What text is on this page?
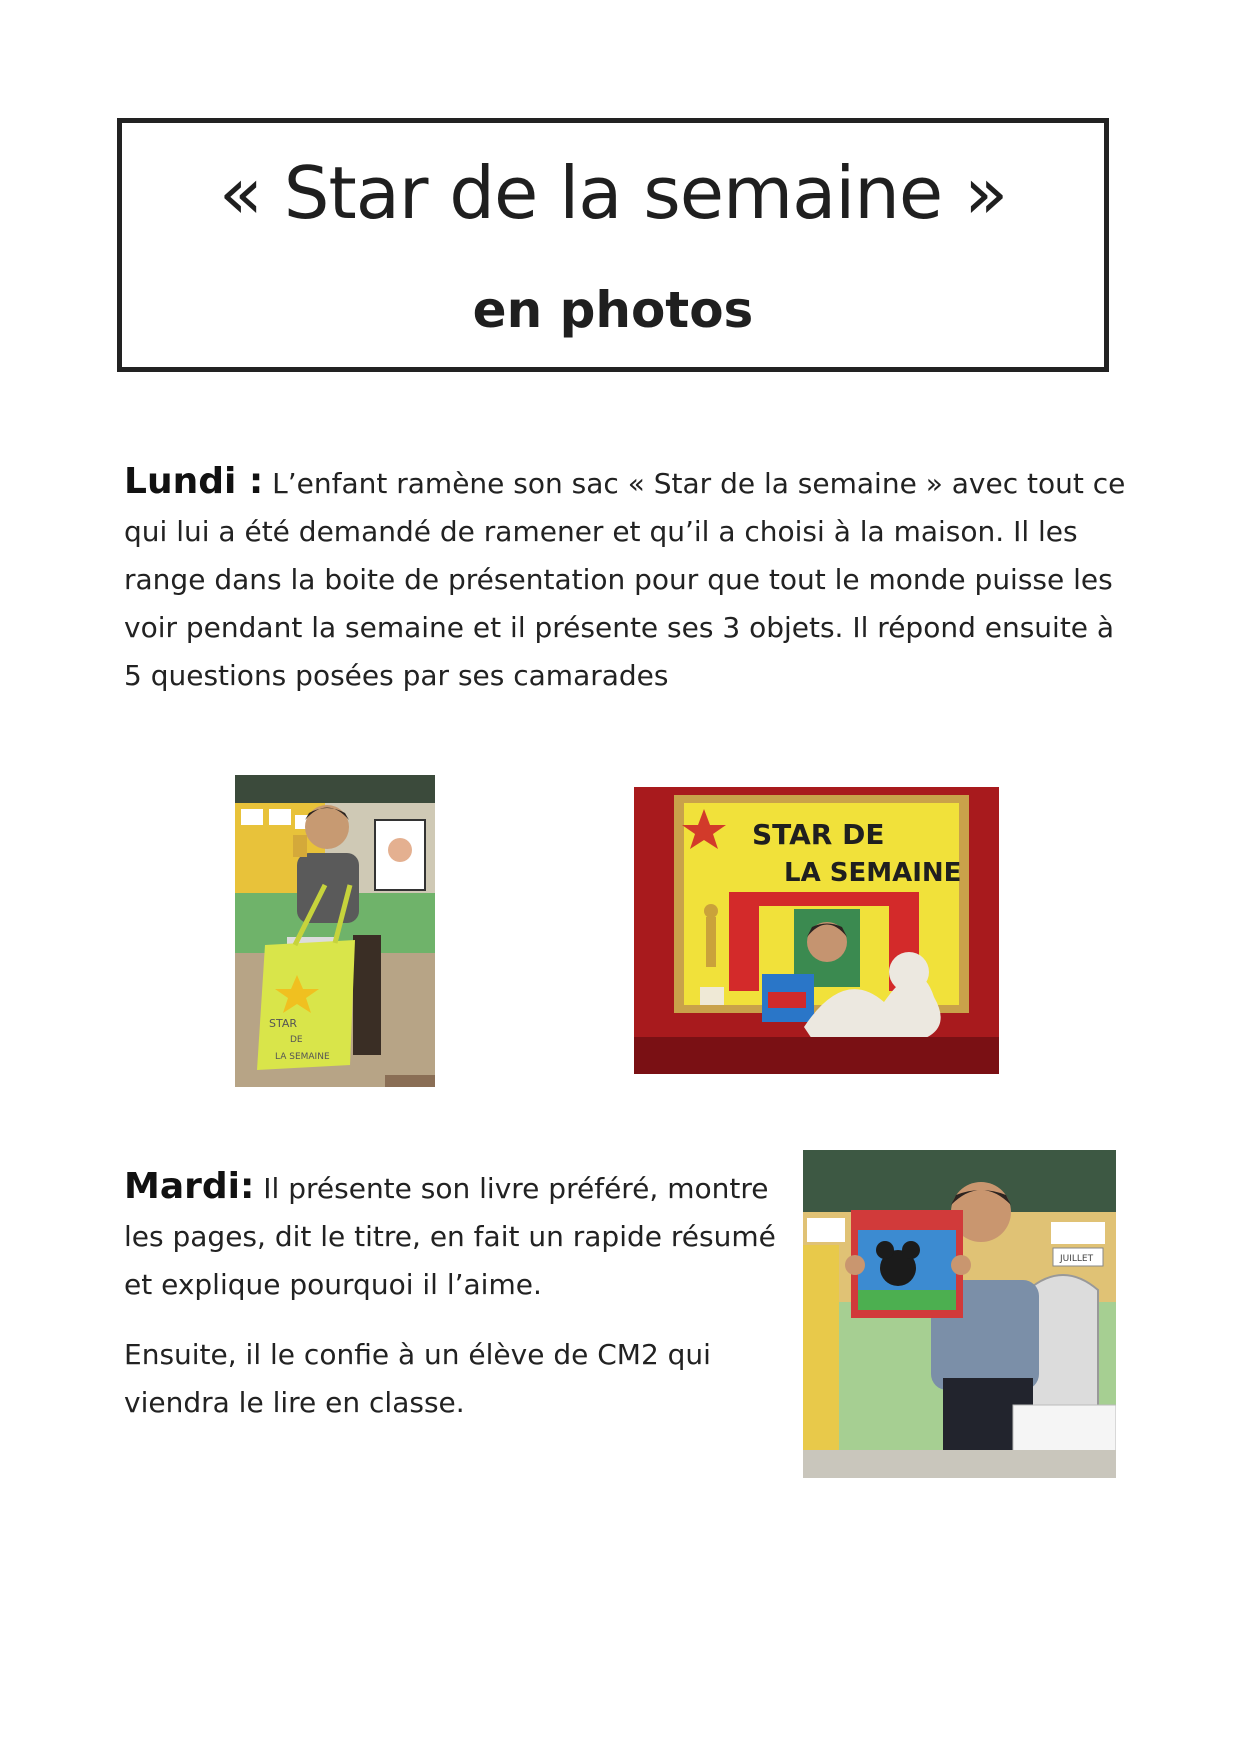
« Star de la semaine »
en photos
Lundi : L’enfant ramène son sac « Star de la semaine » avec tout ce qui lui a été demandé de ramener et qu’il a choisi à la maison. Il les range dans la boite de présentation pour que tout le monde puisse les voir pendant la semaine et il présente ses 3 objets. Il répond ensuite à 5 questions posées par ses camarades
STAR
DE
LA SEMAINE
STAR DE
LA SEMAINE
Mardi: Il présente son livre préféré, montre les pages, dit le titre, en fait un rapide résumé et explique pourquoi il l’aime.
Ensuite, il le confie à un élève de CM2 qui viendra le lire en classe.
JUILLET
